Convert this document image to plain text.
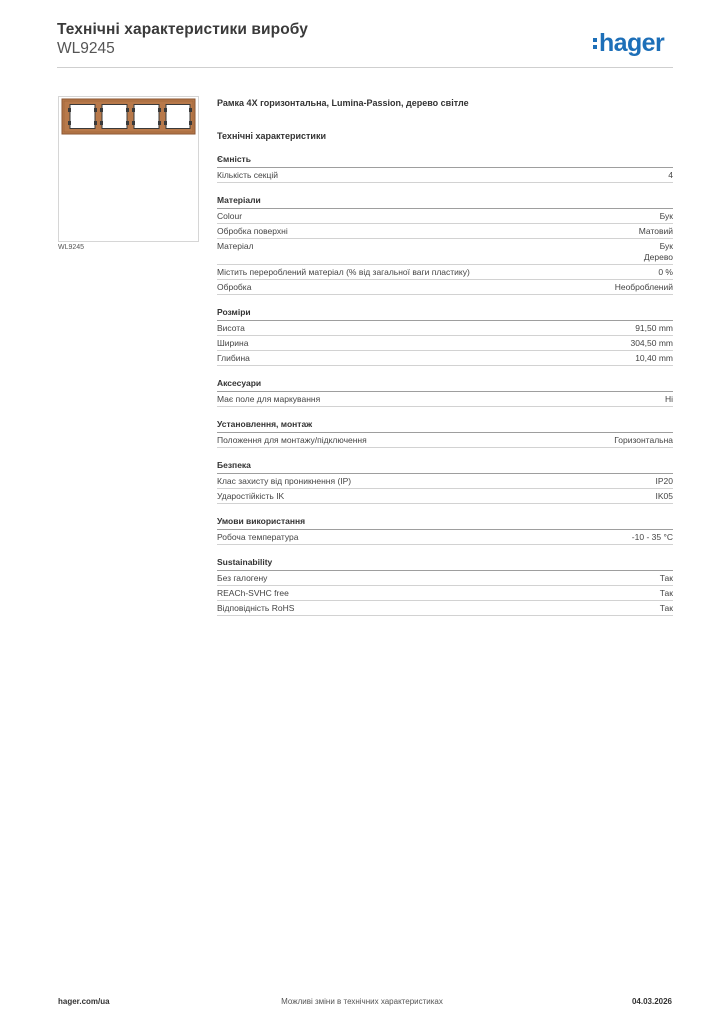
Технічні характеристики виробу
WL9245	hager
WL9245
Рамка 4X горизонтальна, Lumina-Passion, дерево світле
Технічні характеристики
Ємність
Кількість секцій	4
Матеріали
Colour	Бук
Обробка поверхні	Матовий
Матеріал	Бук
Дерево
Містить перероблений матеріал (% від загальної ваги пластику)	0 %
Обробка	Необроблений
Розміри
Висота	91,50 mm
Ширина	304,50 mm
Глибина	10,40 mm
Аксесуари
Має поле для маркування	Ні
Установлення, монтаж
Положення для монтажу/підключення	Горизонтальна
Безпека
Клас захисту від проникнення (IP)	IP20
Ударостійкість IK	IK05
Умови використання
Робоча температура	-10 - 35 °C
Sustainability
Без галогену	Так
REACh-SVHC free	Так
Відповідність RoHS	Так
hager.com/ua	Можливі зміни в технічних характеристиках	04.03.2026
